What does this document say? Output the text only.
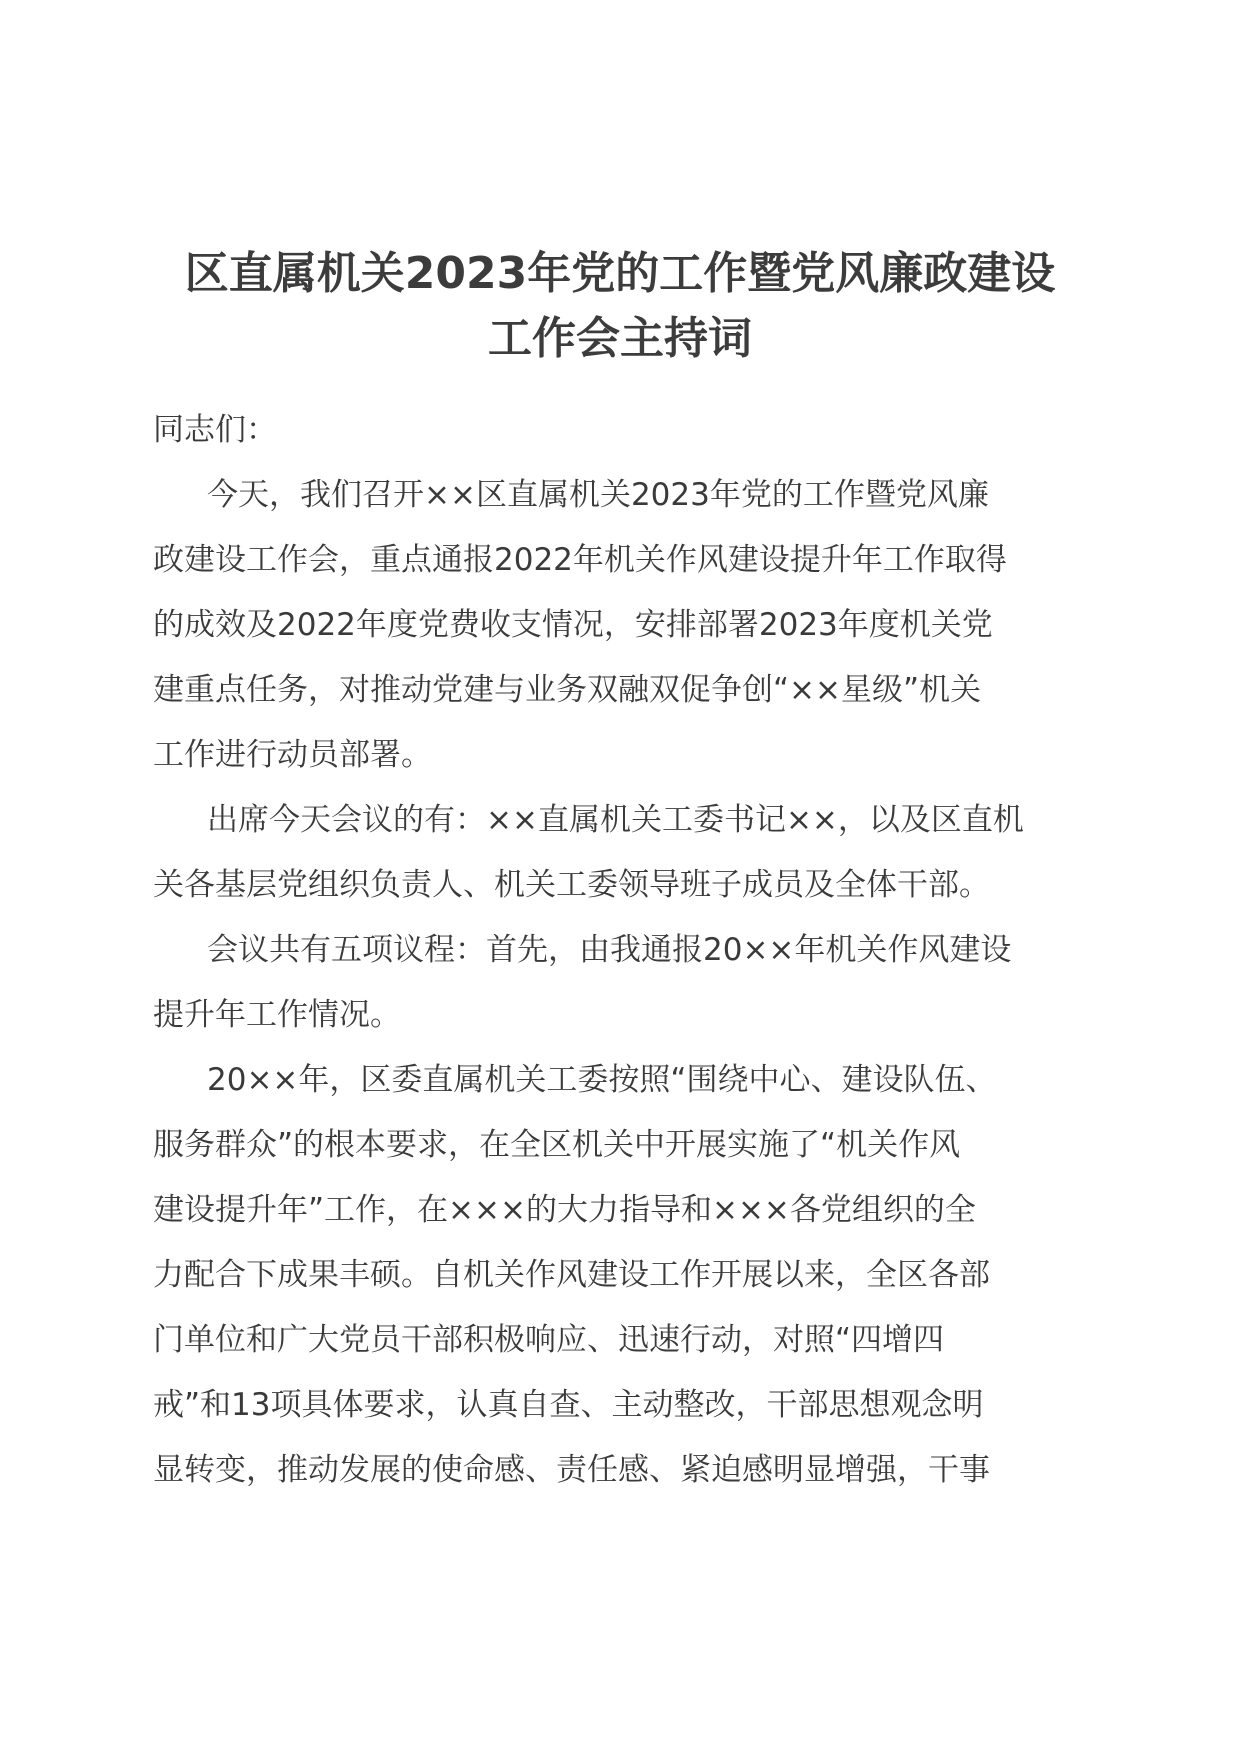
区直属机关2023年党的工作暨党风廉政建设
工作会主持词
同志们：
今天，我们召开××区直属机关2023年党的工作暨党风廉
政建设工作会，重点通报2022年机关作风建设提升年工作取得
的成效及2022年度党费收支情况，安排部署2023年度机关党
建重点任务，对推动党建与业务双融双促争创“××星级”机关
工作进行动员部署。
出席今天会议的有：××直属机关工委书记××，以及区直机
关各基层党组织负责人、机关工委领导班子成员及全体干部。
会议共有五项议程：首先，由我通报20××年机关作风建设
提升年工作情况。
20××年，区委直属机关工委按照“围绕中心、建设队伍、
服务群众”的根本要求，在全区机关中开展实施了“机关作风
建设提升年”工作，在×××的大力指导和×××各党组织的全
力配合下成果丰硕。自机关作风建设工作开展以来，全区各部
门单位和广大党员干部积极响应、迅速行动，对照“四增四
戒”和13项具体要求，认真自查、主动整改，干部思想观念明
显转变，推动发展的使命感、责任感、紧迫感明显增强，干事
